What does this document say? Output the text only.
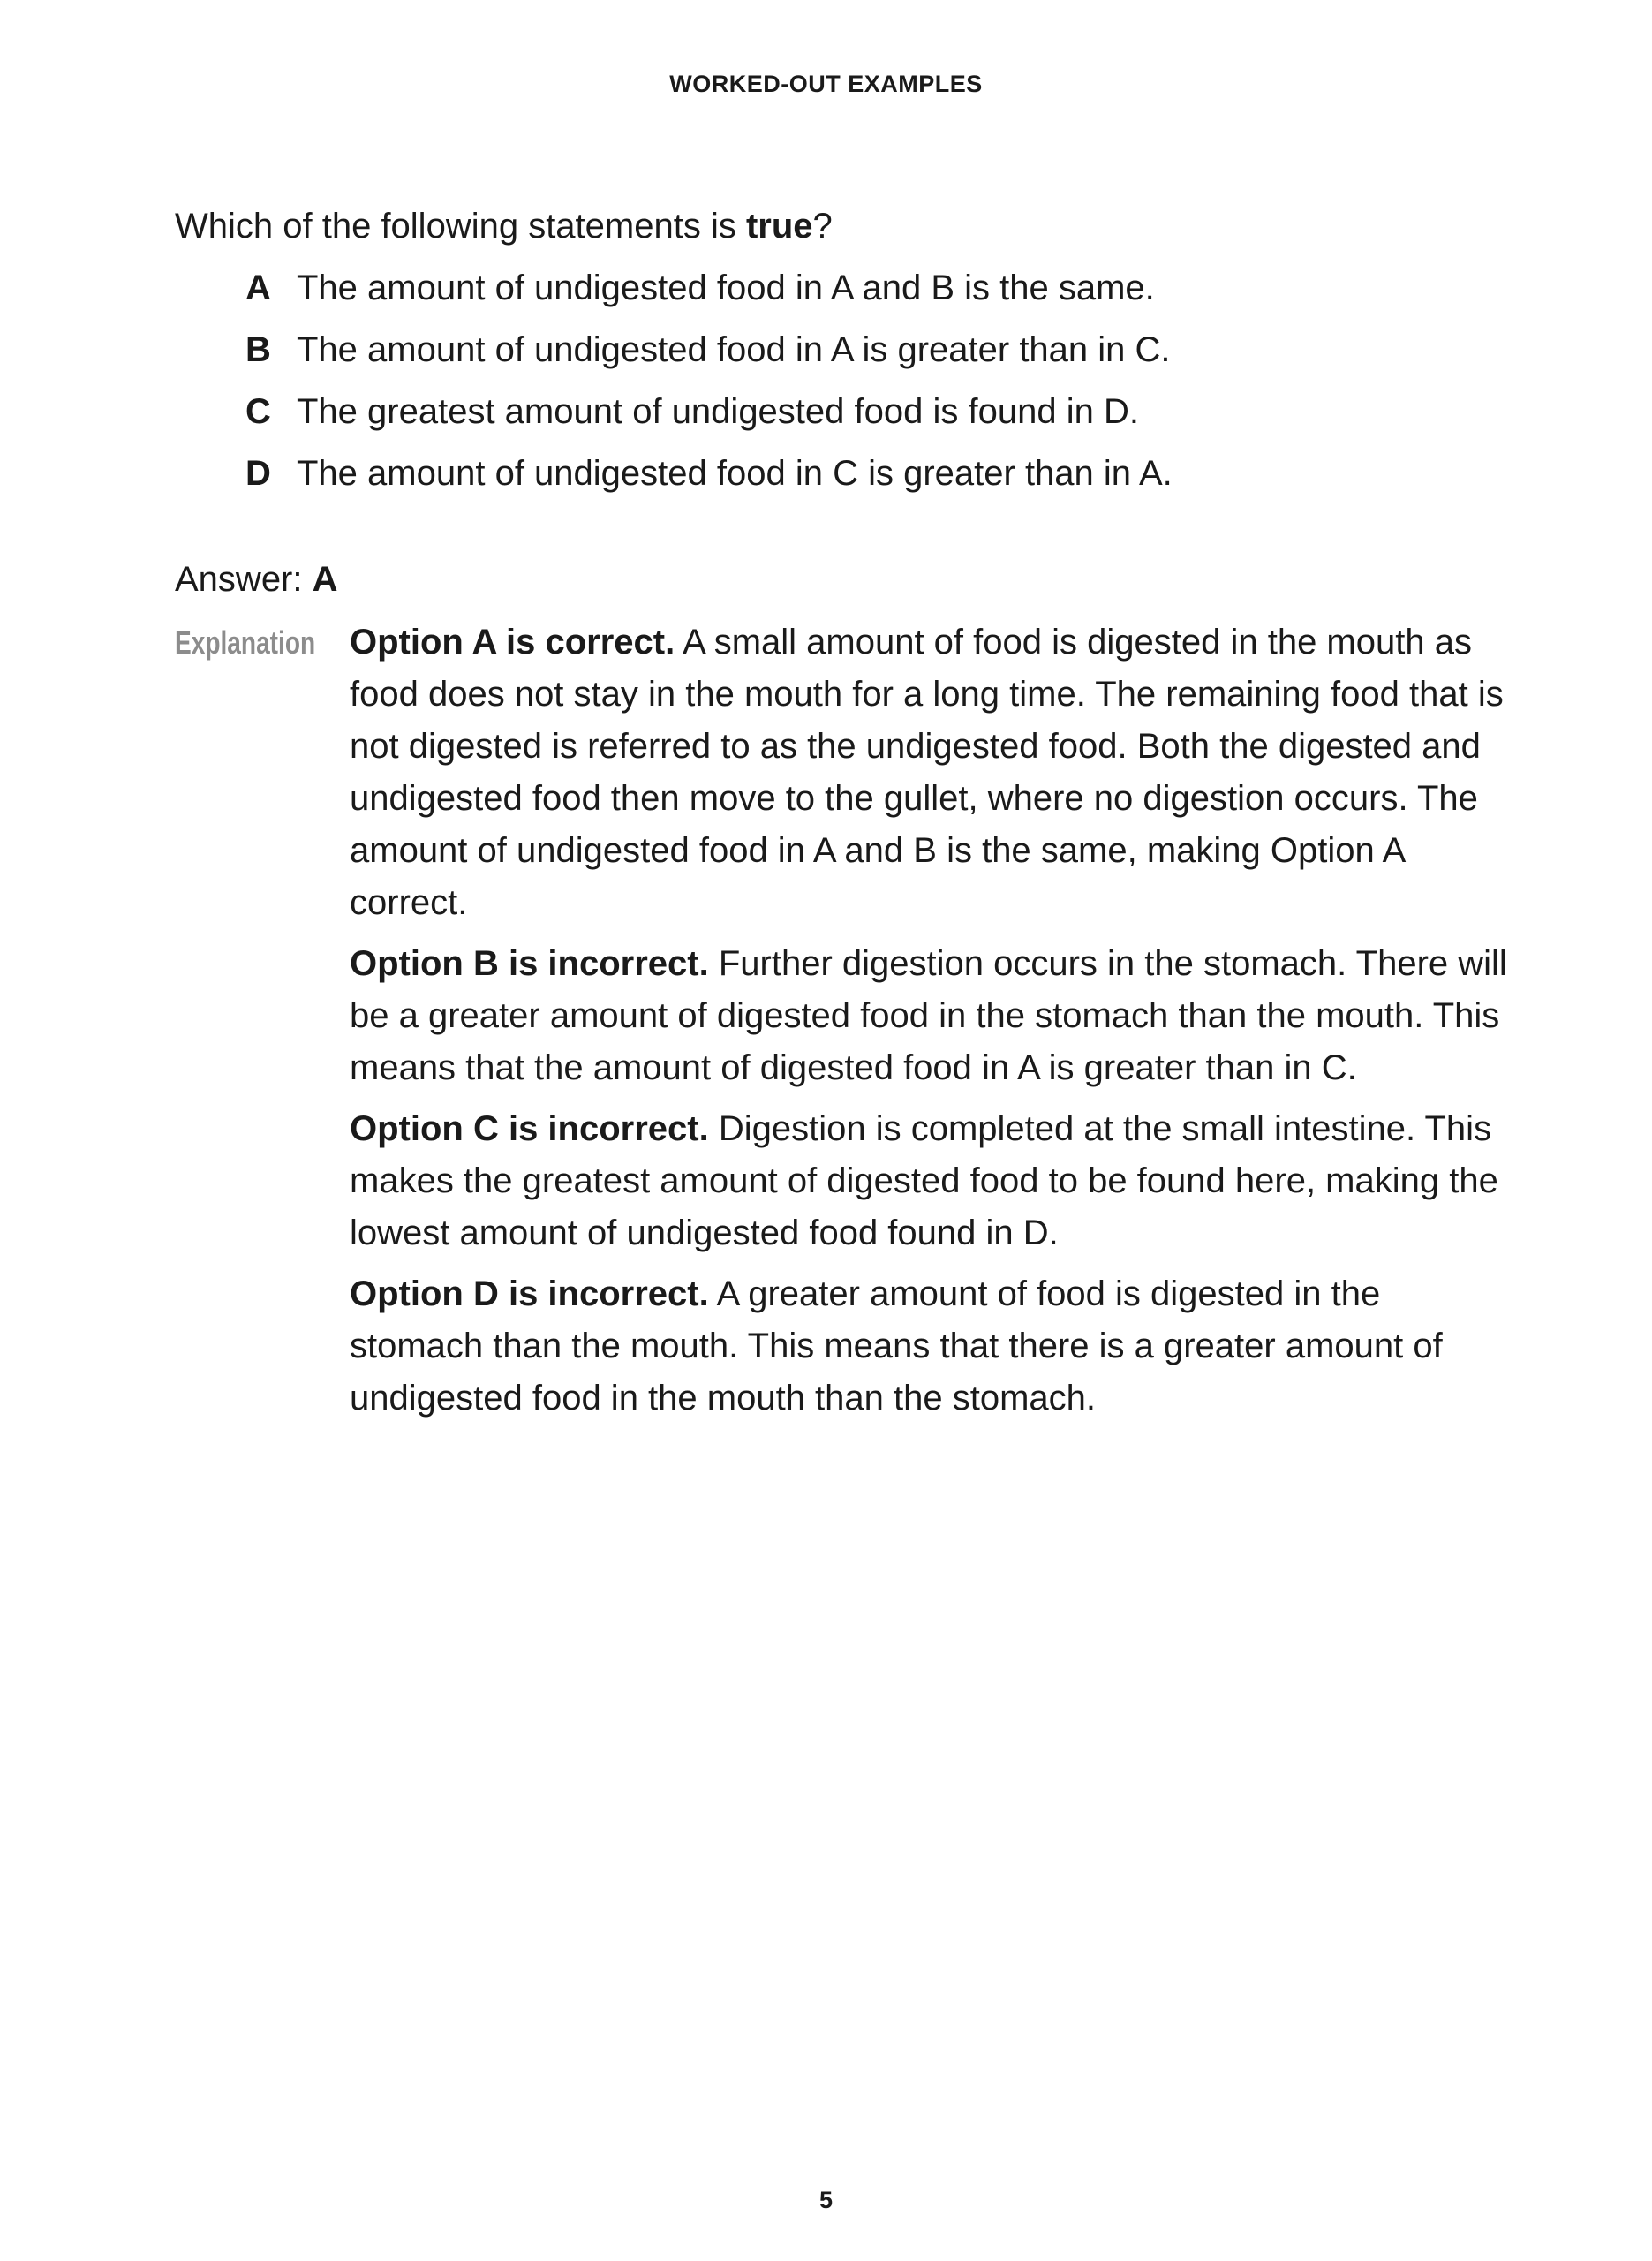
WORKED-OUT EXAMPLES
Which of the following statements is true?
A The amount of undigested food in A and B is the same.
B The amount of undigested food in A is greater than in C.
C The greatest amount of undigested food is found in D.
D The amount of undigested food in C is greater than in A.
Answer: A
Explanation Option A is correct. A small amount of food is digested in the mouth as food does not stay in the mouth for a long time. The remaining food that is not digested is referred to as the undigested food. Both the digested and undigested food then move to the gullet, where no digestion occurs. The amount of undigested food in A and B is the same, making Option A correct.

Option B is incorrect. Further digestion occurs in the stomach. There will be a greater amount of digested food in the stomach than the mouth. This means that the amount of digested food in A is greater than in C.

Option C is incorrect. Digestion is completed at the small intestine. This makes the greatest amount of digested food to be found here, making the lowest amount of undigested food found in D.

Option D is incorrect. A greater amount of food is digested in the stomach than the mouth. This means that there is a greater amount of undigested food in the mouth than the stomach.

5
